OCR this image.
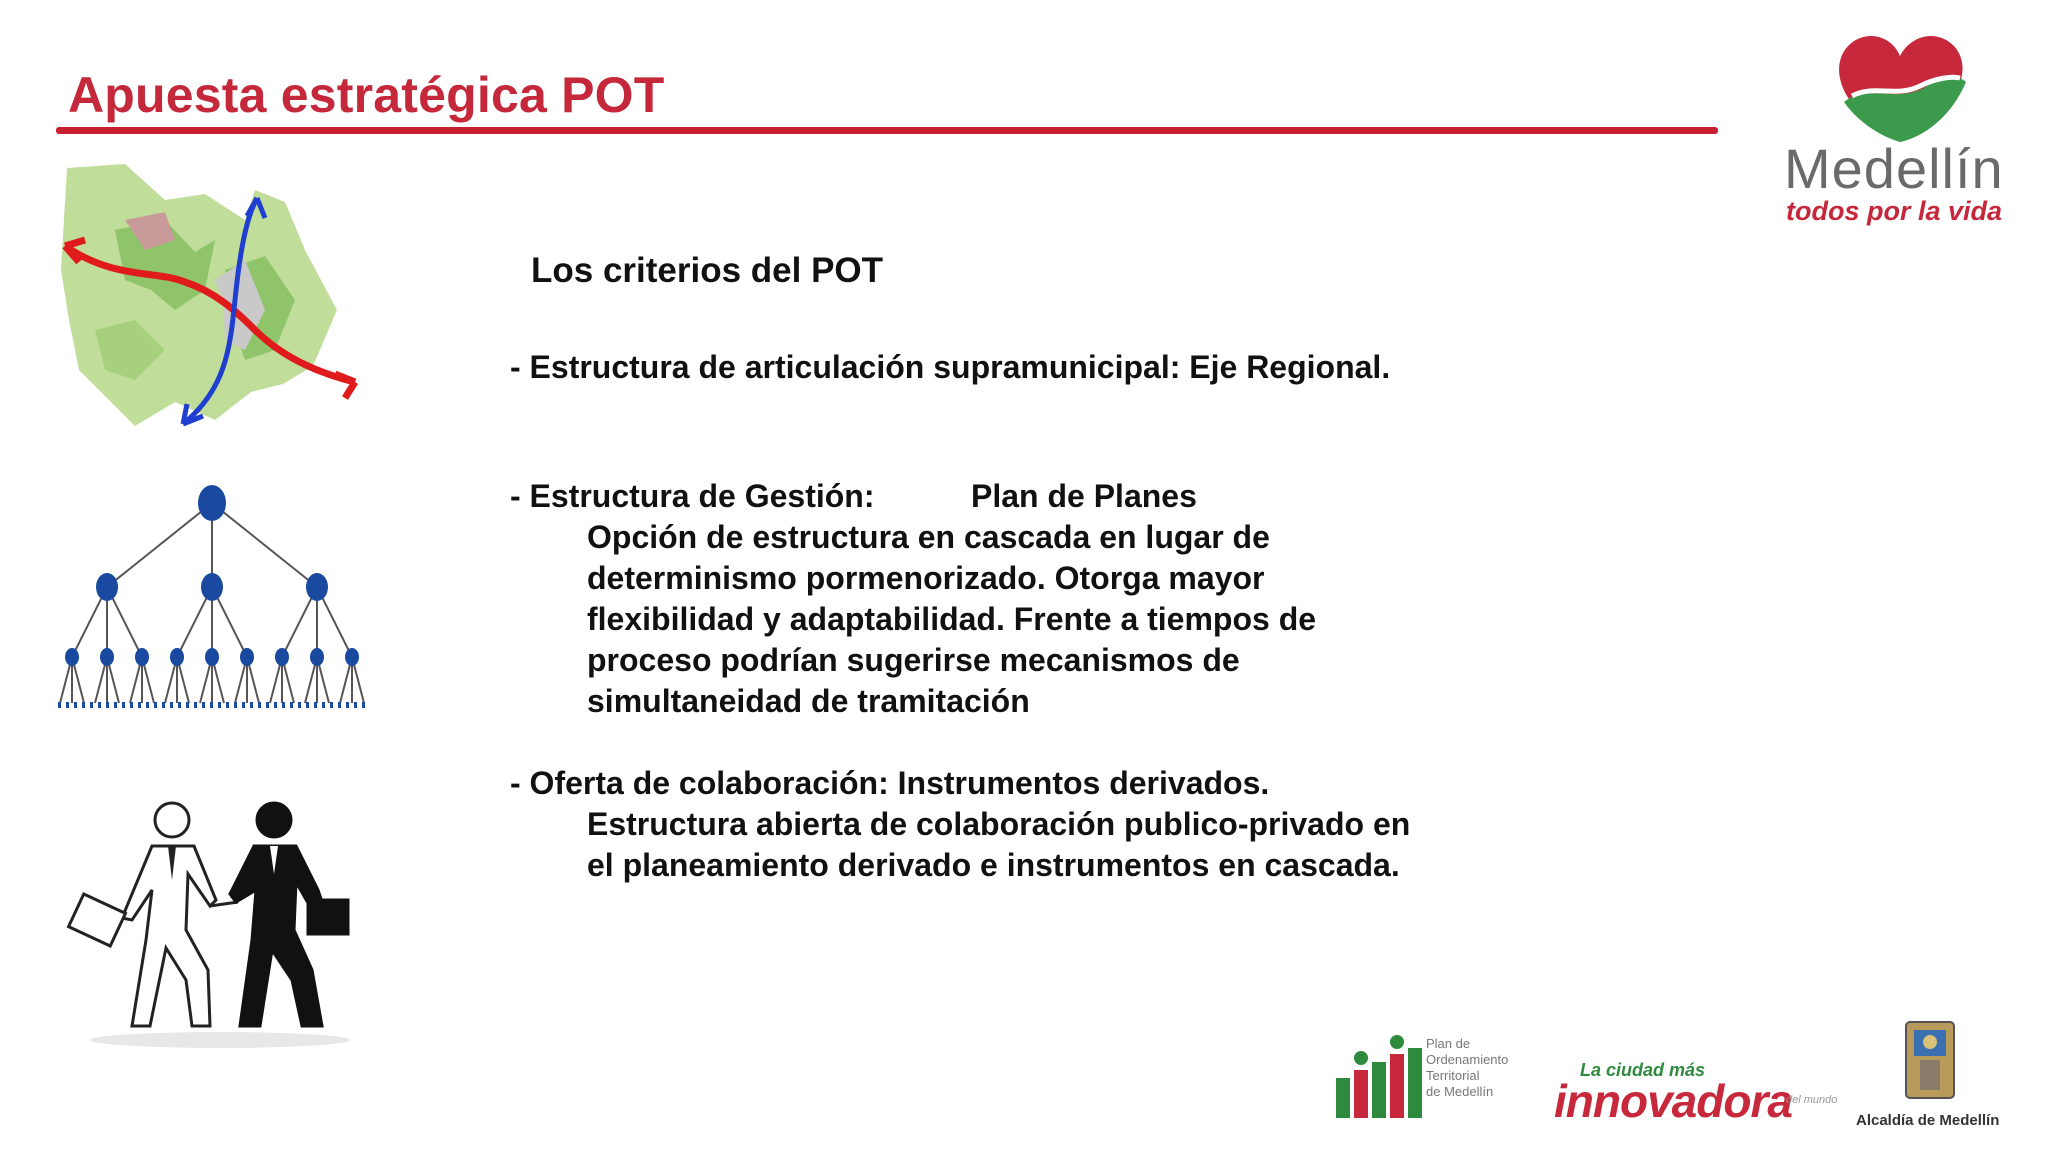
Apuesta estratégica POT
Medellín
todos por la vida
Los criterios del POT
- Estructura de articulación supramunicipal: Eje Regional.
- Estructura de Gestión:	Plan de Planes
Opción de estructura en cascada en lugar de
determinismo pormenorizado. Otorga mayor
flexibilidad y adaptabilidad. Frente a tiempos de
proceso podrían sugerirse mecanismos de
simultaneidad de tramitación
- Oferta de colaboración: Instrumentos derivados.
Estructura abierta de colaboración publico-privado en
el planeamiento derivado e instrumentos en cascada.
Plan de
Ordenamiento
Territorial
de Medellín
La ciudad más
innovadora
del mundo
Alcaldía de Medellín
